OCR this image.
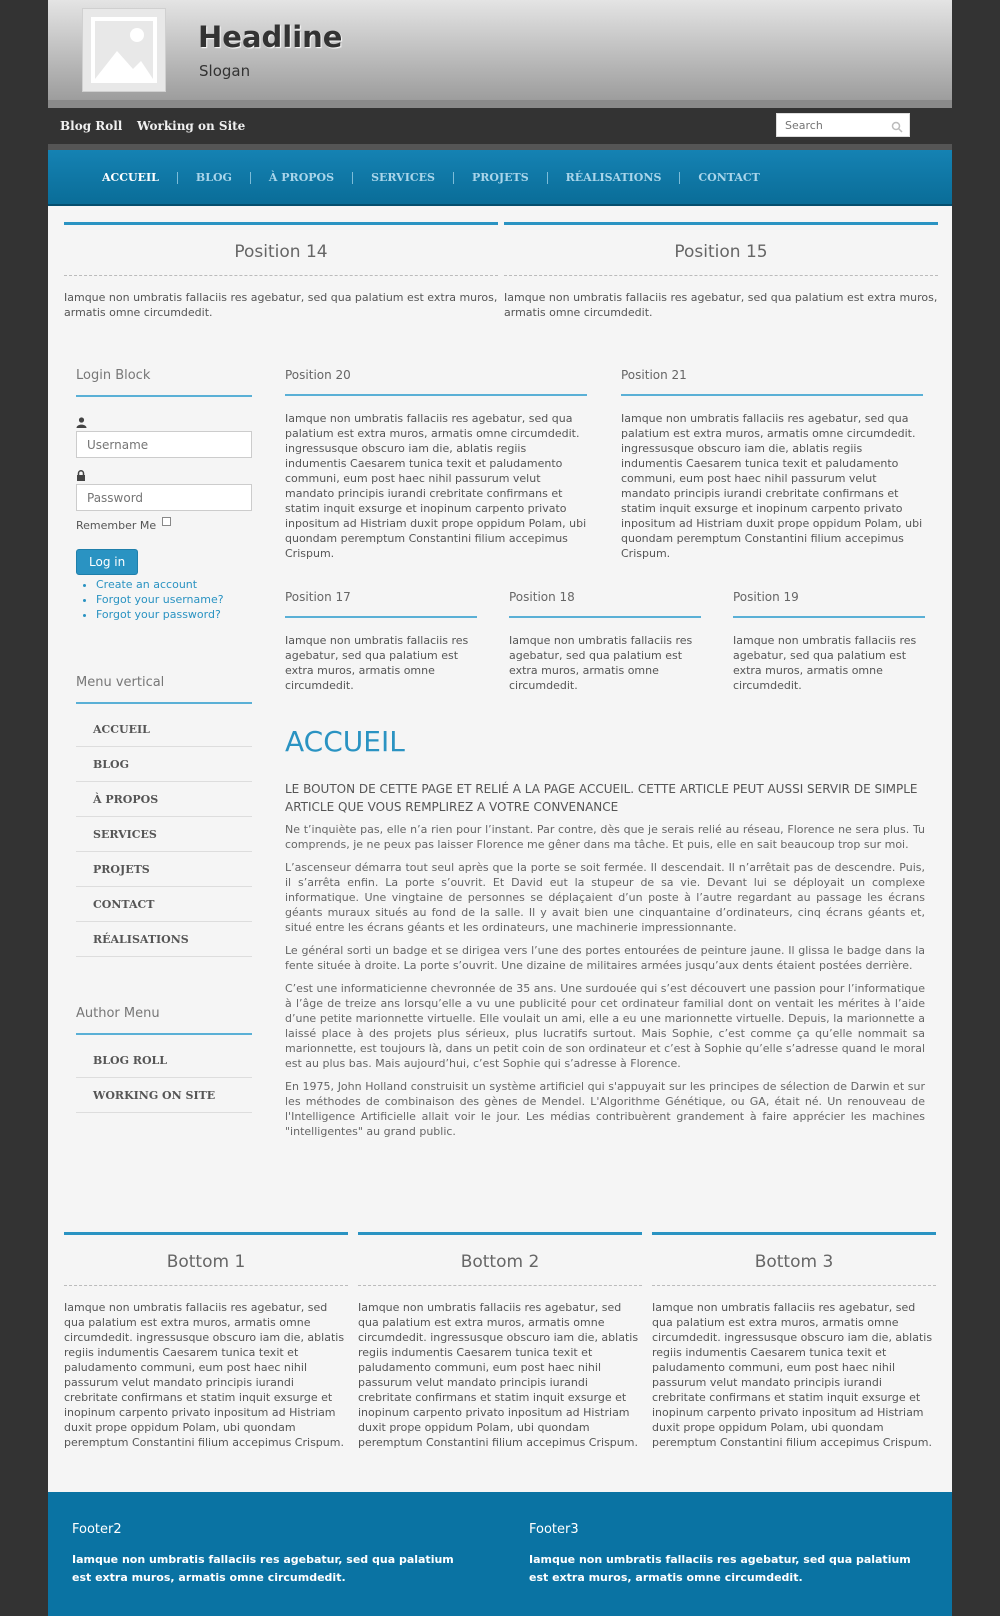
Headline
Slogan
Blog Roll Working on Site
Search
ACCUEIL	BLOG	À PROPOS	SERVICES	PROJETS	RÉALISATIONS	CONTACT
Position 14

Iamque non umbratis fallaciis res agebatur, sed qua palatium est extra muros, armatis omne circumdedit.

Position 15

Iamque non umbratis fallaciis res agebatur, sed qua palatium est extra muros, armatis omne circumdedit.

Login Block
Username
Password
Remember Me
Log in
• Create an account
• Forgot your username?
• Forgot your password?
Menu vertical
ACCUEIL
BLOG
À PROPOS
SERVICES
PROJETS
CONTACT
RÉALISATIONS
Author Menu
BLOG ROLL
WORKING ON SITE
Position 20

Iamque non umbratis fallaciis res agebatur, sed qua palatium est extra muros, armatis omne circumdedit. ingressusque obscuro iam die, ablatis regiis indumentis Caesarem tunica texit et paludamento communi, eum post haec nihil passurum velut mandato principis iurandi crebritate confirmans et statim inquit exsurge et inopinum carpento privato inpositum ad Histriam duxit prope oppidum Polam, ubi quondam peremptum Constantini filium accepimus Crispum.

Position 21

Iamque non umbratis fallaciis res agebatur, sed qua palatium est extra muros, armatis omne circumdedit. ingressusque obscuro iam die, ablatis regiis indumentis Caesarem tunica texit et paludamento communi, eum post haec nihil passurum velut mandato principis iurandi crebritate confirmans et statim inquit exsurge et inopinum carpento privato inpositum ad Histriam duxit prope oppidum Polam, ubi quondam peremptum Constantini filium accepimus Crispum.

Position 17

Iamque non umbratis fallaciis res agebatur, sed qua palatium est extra muros, armatis omne circumdedit.

Position 18

Iamque non umbratis fallaciis res agebatur, sed qua palatium est extra muros, armatis omne circumdedit.

Position 19

Iamque non umbratis fallaciis res agebatur, sed qua palatium est extra muros, armatis omne circumdedit.

ACCUEIL
LE BOUTON DE CETTE PAGE ET RELIÉ A LA PAGE ACCUEIL. CETTE ARTICLE PEUT AUSSI SERVIR DE SIMPLE ARTICLE QUE VOUS REMPLIREZ A VOTRE CONVENANCE

Ne t’inquiète pas, elle n’a rien pour l’instant. Par contre, dès que je serais relié au réseau, Florence ne sera plus. Tu comprends, je ne peux pas laisser Florence me gêner dans ma tâche. Et puis, elle en sait beaucoup trop sur moi.

L’ascenseur démarra tout seul après que la porte se soit fermée. Il descendait. Il n’arrêtait pas de descendre. Puis, il s’arrêta enfin. La porte s’ouvrit. Et David eut la stupeur de sa vie. Devant lui se déployait un complexe informatique. Une vingtaine de personnes se déplaçaient d’un poste à l’autre regardant au passage les écrans géants muraux situés au fond de la salle. Il y avait bien une cinquantaine d’ordinateurs, cinq écrans géants et, situé entre les écrans géants et les ordinateurs, une machinerie impressionnante.

Le général sorti un badge et se dirigea vers l’une des portes entourées de peinture jaune. Il glissa le badge dans la fente située à droite. La porte s’ouvrit. Une dizaine de militaires armées jusqu’aux dents étaient postées derrière.

C’est une informaticienne chevronnée de 35 ans. Une surdouée qui s’est découvert une passion pour l’informatique à l’âge de treize ans lorsqu’elle a vu une publicité pour cet ordinateur familial dont on ventait les mérites à l’aide d’une petite marionnette virtuelle. Elle voulait un ami, elle a eu une marionnette virtuelle. Depuis, la marionnette a laissé place à des projets plus sérieux, plus lucratifs surtout. Mais Sophie, c’est comme ça qu’elle nommait sa marionnette, est toujours là, dans un petit coin de son ordinateur et c’est à Sophie qu’elle s’adresse quand le moral est au plus bas. Mais aujourd’hui, c’est Sophie qui s’adresse à Florence.

En 1975, John Holland construisit un système artificiel qui s'appuyait sur les principes de sélection de Darwin et sur les méthodes de combinaison des gènes de Mendel. L'Algorithme Génétique, ou GA, était né. Un renouveau de l'Intelligence Artificielle allait voir le jour. Les médias contribuèrent grandement à faire apprécier les machines "intelligentes" au grand public.

Bottom 1

Iamque non umbratis fallaciis res agebatur, sed qua palatium est extra muros, armatis omne circumdedit. ingressusque obscuro iam die, ablatis regiis indumentis Caesarem tunica texit et paludamento communi, eum post haec nihil passurum velut mandato principis iurandi crebritate confirmans et statim inquit exsurge et inopinum carpento privato inpositum ad Histriam duxit prope oppidum Polam, ubi quondam peremptum Constantini filium accepimus Crispum.

Bottom 2

Iamque non umbratis fallaciis res agebatur, sed qua palatium est extra muros, armatis omne circumdedit. ingressusque obscuro iam die, ablatis regiis indumentis Caesarem tunica texit et paludamento communi, eum post haec nihil passurum velut mandato principis iurandi crebritate confirmans et statim inquit exsurge et inopinum carpento privato inpositum ad Histriam duxit prope oppidum Polam, ubi quondam peremptum Constantini filium accepimus Crispum.

Bottom 3

Iamque non umbratis fallaciis res agebatur, sed qua palatium est extra muros, armatis omne circumdedit. ingressusque obscuro iam die, ablatis regiis indumentis Caesarem tunica texit et paludamento communi, eum post haec nihil passurum velut mandato principis iurandi crebritate confirmans et statim inquit exsurge et inopinum carpento privato inpositum ad Histriam duxit prope oppidum Polam, ubi quondam peremptum Constantini filium accepimus Crispum.

Footer2

Iamque non umbratis fallaciis res agebatur, sed qua palatium est extra muros, armatis omne circumdedit.

Footer3

Iamque non umbratis fallaciis res agebatur, sed qua palatium est extra muros, armatis omne circumdedit.
